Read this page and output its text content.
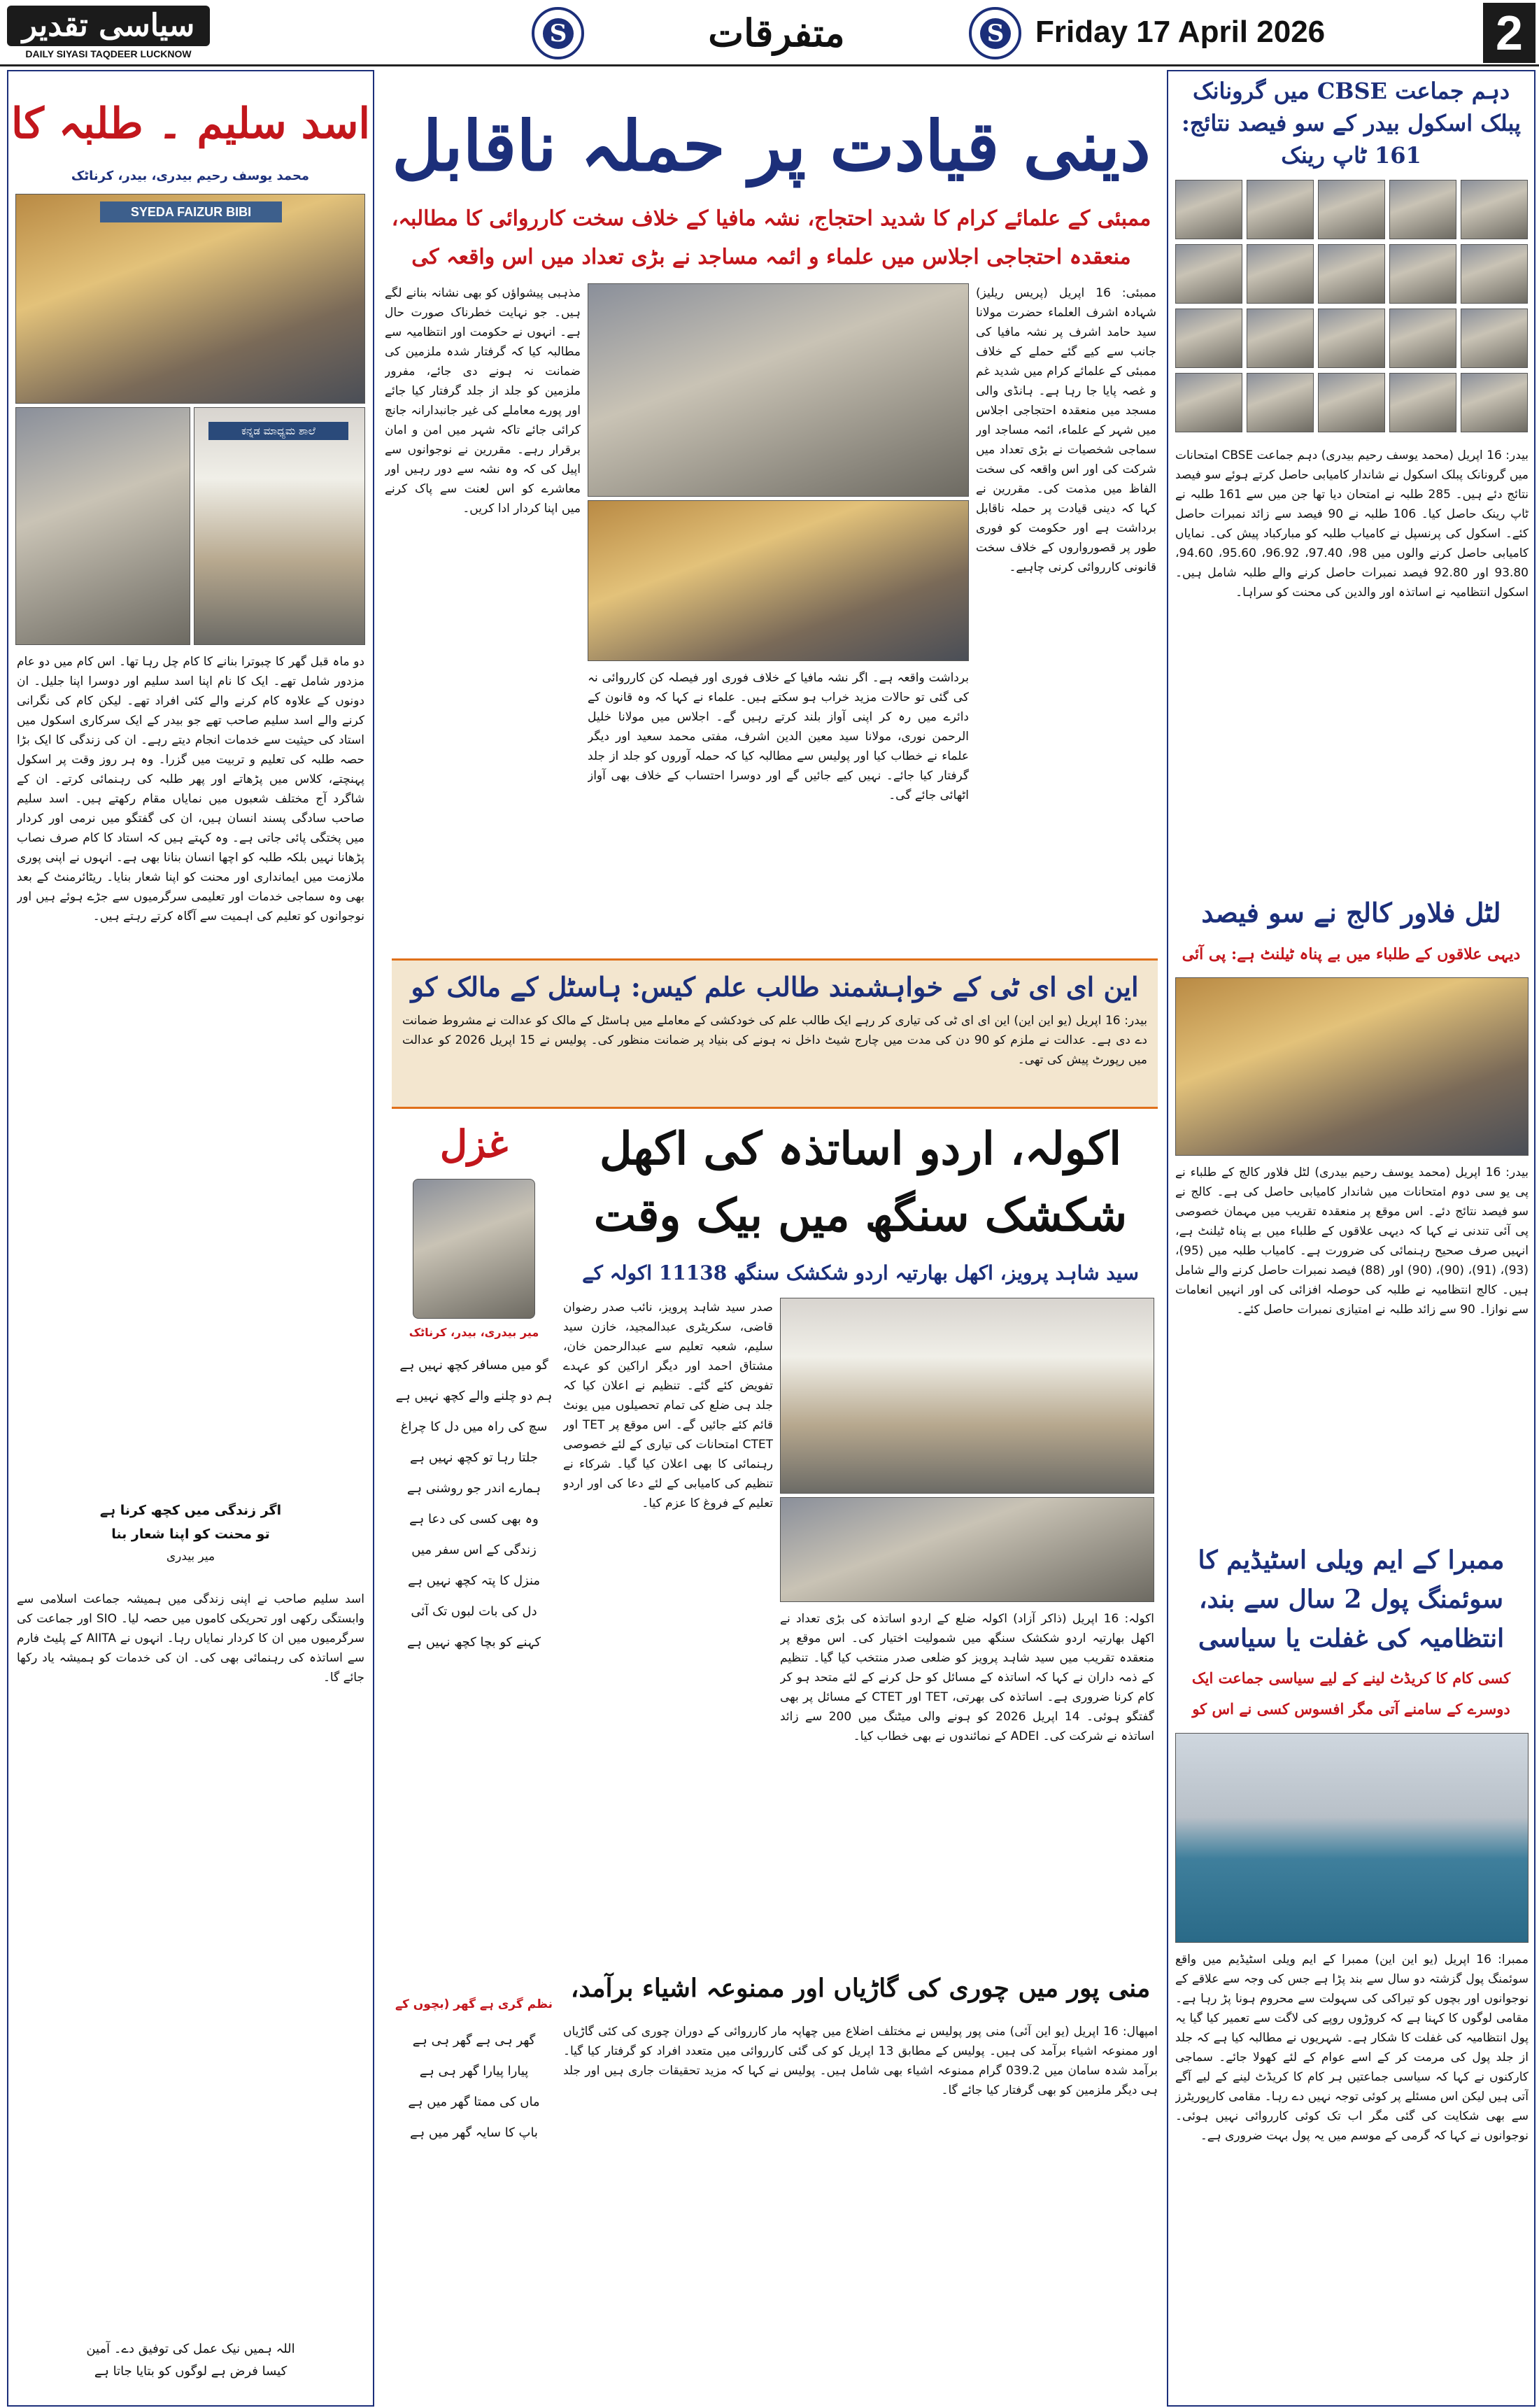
سیاسی تقدیر
DAILY SIYASI TAQDEER LUCKNOW
S	متفرقات	S Friday 17 April 2026	2
اسد سلیم ۔ طلبہ کا
محمد یوسف رحیم بیدری، بیدر، کرناٹک
SYEDA FAIZUR BIBI
ಕನ್ನಡ ಮಾಧ್ಯಮ ಶಾಲೆ
دو ماہ قبل گھر کا چبوترا بنانے کا کام چل رہا تھا۔ اس کام میں دو عام مزدور شامل تھے۔ ایک کا نام اپنا اسد سلیم اور دوسرا اپنا جلیل۔ ان دونوں کے علاوہ کام کرنے والے کئی افراد تھے۔ لیکن کام کی نگرانی کرنے والے اسد سلیم صاحب تھے جو بیدر کے ایک سرکاری اسکول میں استاد کی حیثیت سے خدمات انجام دیتے رہے۔ ان کی زندگی کا ایک بڑا حصہ طلبہ کی تعلیم و تربیت میں گزرا۔ وہ ہر روز وقت پر اسکول پہنچتے، کلاس میں پڑھاتے اور پھر طلبہ کی رہنمائی کرتے۔ ان کے شاگرد آج مختلف شعبوں میں نمایاں مقام رکھتے ہیں۔ اسد سلیم صاحب سادگی پسند انسان ہیں، ان کی گفتگو میں نرمی اور کردار میں پختگی پائی جاتی ہے۔ وہ کہتے ہیں کہ استاد کا کام صرف نصاب پڑھانا نہیں بلکہ طلبہ کو اچھا انسان بنانا بھی ہے۔ انہوں نے اپنی پوری ملازمت میں ایمانداری اور محنت کو اپنا شعار بنایا۔ ریٹائرمنٹ کے بعد بھی وہ سماجی خدمات اور تعلیمی سرگرمیوں سے جڑے ہوئے ہیں اور نوجوانوں کو تعلیم کی اہمیت سے آگاہ کرتے رہتے ہیں۔
اگر زندگی میں کچھ کرنا ہے
تو محنت کو اپنا شعار بنا
میر بیدری
اسد سلیم صاحب نے اپنی زندگی میں ہمیشہ جماعت اسلامی سے وابستگی رکھی اور تحریکی کاموں میں حصہ لیا۔ SIO اور جماعت کی سرگرمیوں میں ان کا کردار نمایاں رہا۔ انہوں نے AIITA کے پلیٹ فارم سے اساتذہ کی رہنمائی بھی کی۔ ان کی خدمات کو ہمیشہ یاد رکھا جائے گا۔
اللہ ہمیں نیک عمل کی توفیق دے۔ آمین
کیسا فرض ہے لوگوں کو بتایا جاتا ہے
دینی قیادت پر حملہ ناقابل
ممبئی کے علمائے کرام کا شدید احتجاج، نشہ مافیا کے خلاف سخت کارروائی کا مطالبہ،
منعقدہ احتجاجی اجلاس میں علماء و ائمہ مساجد نے بڑی تعداد میں اس واقعہ کی
ممبئی: 16 اپریل (پریس ریلیز) شہادہ اشرف العلماء حضرت مولانا سید حامد اشرف پر نشہ مافیا کی جانب سے کیے گئے حملے کے خلاف ممبئی کے علمائے کرام میں شدید غم و غصہ پایا جا رہا ہے۔ ہانڈی والی مسجد میں منعقدہ احتجاجی اجلاس میں شہر کے علماء، ائمہ مساجد اور سماجی شخصیات نے بڑی تعداد میں شرکت کی اور اس واقعہ کی سخت الفاظ میں مذمت کی۔ مقررین نے کہا کہ دینی قیادت پر حملہ ناقابل برداشت ہے اور حکومت کو فوری طور پر قصورواروں کے خلاف سخت قانونی کارروائی کرنی چاہیے۔
برداشت واقعہ ہے۔ اگر نشہ مافیا کے خلاف فوری اور فیصلہ کن کارروائی نہ کی گئی تو حالات مزید خراب ہو سکتے ہیں۔ علماء نے کہا کہ وہ قانون کے دائرے میں رہ کر اپنی آواز بلند کرتے رہیں گے۔ اجلاس میں مولانا خلیل الرحمن نوری، مولانا سید معین الدین اشرف، مفتی محمد سعید اور دیگر علماء نے خطاب کیا اور پولیس سے مطالبہ کیا کہ حملہ آوروں کو جلد از جلد گرفتار کیا جائے۔ نہیں کیے جائیں گے اور دوسرا احتساب کے خلاف بھی آواز اٹھائی جائے گی۔
مذہبی پیشواؤں کو بھی نشانہ بنانے لگے ہیں۔ جو نہایت خطرناک صورت حال ہے۔ انہوں نے حکومت اور انتظامیہ سے مطالبہ کیا کہ گرفتار شدہ ملزمین کی ضمانت نہ ہونے دی جائے، مفرور ملزمین کو جلد از جلد گرفتار کیا جائے اور پورے معاملے کی غیر جانبدارانہ جانچ کرائی جائے تاکہ شہر میں امن و امان برقرار رہے۔ مقررین نے نوجوانوں سے اپیل کی کہ وہ نشہ سے دور رہیں اور معاشرے کو اس لعنت سے پاک کرنے میں اپنا کردار ادا کریں۔
این ای ای ٹی کے خواہشمند طالب علم کیس: ہاسٹل کے مالک کو
بیدر: 16 اپریل (یو این این) این ای ای ٹی کی تیاری کر رہے ایک طالب علم کی خودکشی کے معاملے میں ہاسٹل کے مالک کو عدالت نے مشروط ضمانت دے دی ہے۔ عدالت نے ملزم کو 90 دن کی مدت میں چارج شیٹ داخل نہ ہونے کی بنیاد پر ضمانت منظور کی۔ پولیس نے 15 اپریل 2026 کو عدالت میں رپورٹ پیش کی تھی۔
غزل
میر بیدری، بیدر، کرناٹک
گو میں مسافر کچھ نہیں ہے
ہم دو چلنے والے کچھ نہیں ہے
سچ کی راہ میں دل کا چراغ
جلتا رہا تو کچھ نہیں ہے
ہمارے اندر جو روشنی ہے
وہ بھی کسی کی دعا ہے
زندگی کے اس سفر میں
منزل کا پتہ کچھ نہیں ہے
دل کی بات لبوں تک آئی
کہنے کو بچا کچھ نہیں ہے
نظم گری ہے گھر (بچوں کے
گھر ہی ہے گھر ہی ہے
پیارا پیارا گھر ہی ہے
ماں کی ممتا گھر میں ہے
باپ کا سایہ گھر میں ہے
اکولہ، اردو اساتذہ کی اکھل
شکشک سنگھ میں بیک وقت
سید شاہد پرویز، اکھل بھارتیہ اردو شکشک سنگھ 11138 اکولہ کے
اکولہ: 16 اپریل (ذاکر آزاد) اکولہ ضلع کے اردو اساتذہ کی بڑی تعداد نے اکھل بھارتیہ اردو شکشک سنگھ میں شمولیت اختیار کی۔ اس موقع پر منعقدہ تقریب میں سید شاہد پرویز کو ضلعی صدر منتخب کیا گیا۔ تنظیم کے ذمہ داران نے کہا کہ اساتذہ کے مسائل کو حل کرنے کے لئے متحد ہو کر کام کرنا ضروری ہے۔ اساتذہ کی بھرتی، TET اور CTET کے مسائل پر بھی گفتگو ہوئی۔ 14 اپریل 2026 کو ہونے والی میٹنگ میں 200 سے زائد اساتذہ نے شرکت کی۔ ADEI کے نمائندوں نے بھی خطاب کیا۔
صدر سید شاہد پرویز، نائب صدر رضوان قاضی، سکریٹری عبدالمجید، خازن سید سلیم، شعبہ تعلیم سے عبدالرحمن خان، مشتاق احمد اور دیگر اراکین کو عہدے تفویض کئے گئے۔ تنظیم نے اعلان کیا کہ جلد ہی ضلع کی تمام تحصیلوں میں یونٹ قائم کئے جائیں گے۔ اس موقع پر TET اور CTET امتحانات کی تیاری کے لئے خصوصی رہنمائی کا بھی اعلان کیا گیا۔ شرکاء نے تنظیم کی کامیابی کے لئے دعا کی اور اردو تعلیم کے فروغ کا عزم کیا۔
منی پور میں چوری کی گاڑیاں اور ممنوعہ اشیاء برآمد،
امپھال: 16 اپریل (یو این آئی) منی پور پولیس نے مختلف اضلاع میں چھاپہ مار کارروائی کے دوران چوری کی کئی گاڑیاں اور ممنوعہ اشیاء برآمد کی ہیں۔ پولیس کے مطابق 13 اپریل کو کی گئی کارروائی میں متعدد افراد کو گرفتار کیا گیا۔ برآمد شدہ سامان میں 039.2 گرام ممنوعہ اشیاء بھی شامل ہیں۔ پولیس نے کہا کہ مزید تحقیقات جاری ہیں اور جلد ہی دیگر ملزمین کو بھی گرفتار کیا جائے گا۔
دہم جماعت CBSE میں گرونانک پبلک اسکول بیدر کے سو فیصد نتائج: 161 ٹاپ رینک
بیدر: 16 اپریل (محمد یوسف رحیم بیدری) دہم جماعت CBSE امتحانات میں گرونانک پبلک اسکول نے شاندار کامیابی حاصل کرتے ہوئے سو فیصد نتائج دئے ہیں۔ 285 طلبہ نے امتحان دیا تھا جن میں سے 161 طلبہ نے ٹاپ رینک حاصل کیا۔ 106 طلبہ نے 90 فیصد سے زائد نمبرات حاصل کئے۔ اسکول کی پرنسپل نے کامیاب طلبہ کو مبارکباد پیش کی۔ نمایاں کامیابی حاصل کرنے والوں میں 98، 97.40، 96.92، 95.60، 94.60، 93.80 اور 92.80 فیصد نمبرات حاصل کرنے والے طلبہ شامل ہیں۔ اسکول انتظامیہ نے اساتذہ اور والدین کی محنت کو سراہا۔
لٹل فلاور کالج نے سو فیصد
دیہی علاقوں کے طلباء میں بے پناہ ٹیلنٹ ہے: پی آئی
بیدر: 16 اپریل (محمد یوسف رحیم بیدری) لٹل فلاور کالج کے طلباء نے پی یو سی دوم امتحانات میں شاندار کامیابی حاصل کی ہے۔ کالج نے سو فیصد نتائج دئے۔ اس موقع پر منعقدہ تقریب میں مہمان خصوصی پی آئی تندنی نے کہا کہ دیہی علاقوں کے طلباء میں بے پناہ ٹیلنٹ ہے، انہیں صرف صحیح رہنمائی کی ضرورت ہے۔ کامیاب طلبہ میں (95)، (93)، (91)، (90)، (90) اور (88) فیصد نمبرات حاصل کرنے والے شامل ہیں۔ کالج انتظامیہ نے طلبہ کی حوصلہ افزائی کی اور انہیں انعامات سے نوازا۔ 90 سے زائد طلبہ نے امتیازی نمبرات حاصل کئے۔
ممبرا کے ایم ویلی اسٹیڈیم کا سوئمنگ پول 2 سال سے بند، انتظامیہ کی غفلت یا سیاسی
کسی کام کا کریڈٹ لینے کے لیے سیاسی جماعت ایک دوسرے کے سامنے آتی مگر افسوس کسی نے اس کو
ممبرا: 16 اپریل (یو این این) ممبرا کے ایم ویلی اسٹیڈیم میں واقع سوئمنگ پول گزشتہ دو سال سے بند پڑا ہے جس کی وجہ سے علاقے کے نوجوانوں اور بچوں کو تیراکی کی سہولت سے محروم ہونا پڑ رہا ہے۔ مقامی لوگوں کا کہنا ہے کہ کروڑوں روپے کی لاگت سے تعمیر کیا گیا یہ پول انتظامیہ کی غفلت کا شکار ہے۔ شہریوں نے مطالبہ کیا ہے کہ جلد از جلد پول کی مرمت کر کے اسے عوام کے لئے کھولا جائے۔ سماجی کارکنوں نے کہا کہ سیاسی جماعتیں ہر کام کا کریڈٹ لینے کے لیے آگے آتی ہیں لیکن اس مسئلے پر کوئی توجہ نہیں دے رہا۔ مقامی کارپوریٹرز سے بھی شکایت کی گئی مگر اب تک کوئی کارروائی نہیں ہوئی۔ نوجوانوں نے کہا کہ گرمی کے موسم میں یہ پول بہت ضروری ہے۔
